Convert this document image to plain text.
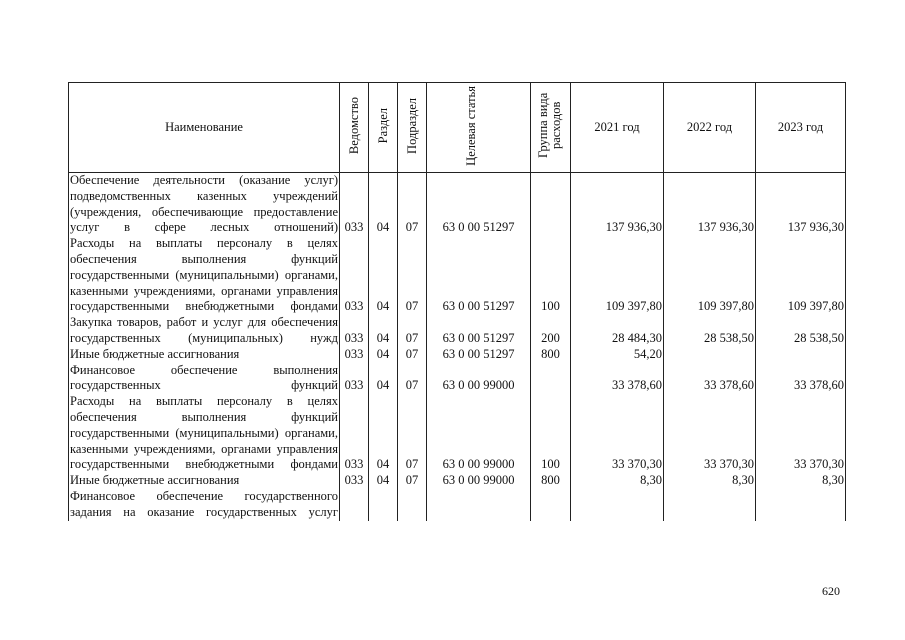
Наименование	Ведомство	Раздел	Подраздел	Целевая статья	Группа вида расходов	2021 год	2022 год	2023 год
Обеспечение деятельности (оказание услуг) подведомственных казенных учреждений (учреждения, обеспечивающие предоставление услуг в сфере лесных отношений)	033	04	07	63 0 00 51297		137 936,30	137 936,30	137 936,30
Расходы на выплаты персоналу в целях обеспечения выполнения функций государственными (муниципальными) органами, казенными учреждениями, органами управления государственными внебюджетными фондами	033	04	07	63 0 00 51297	100	109 397,80	109 397,80	109 397,80
Закупка товаров, работ и услуг для обеспечения государственных (муниципальных) нужд	033	04	07	63 0 00 51297	200	28 484,30	28 538,50	28 538,50
Иные бюджетные ассигнования	033	04	07	63 0 00 51297	800	54,20		
Финансовое обеспечение выполнения государственных функций	033	04	07	63 0 00 99000		33 378,60	33 378,60	33 378,60
Расходы на выплаты персоналу в целях обеспечения выполнения функций государственными (муниципальными) органами, казенными учреждениями, органами управления государственными внебюджетными фондами	033	04	07	63 0 00 99000	100	33 370,30	33 370,30	33 370,30
Иные бюджетные ассигнования	033	04	07	63 0 00 99000	800	8,30	8,30	8,30
Финансовое обеспечение государственного задания на оказание государственных услуг								
620
